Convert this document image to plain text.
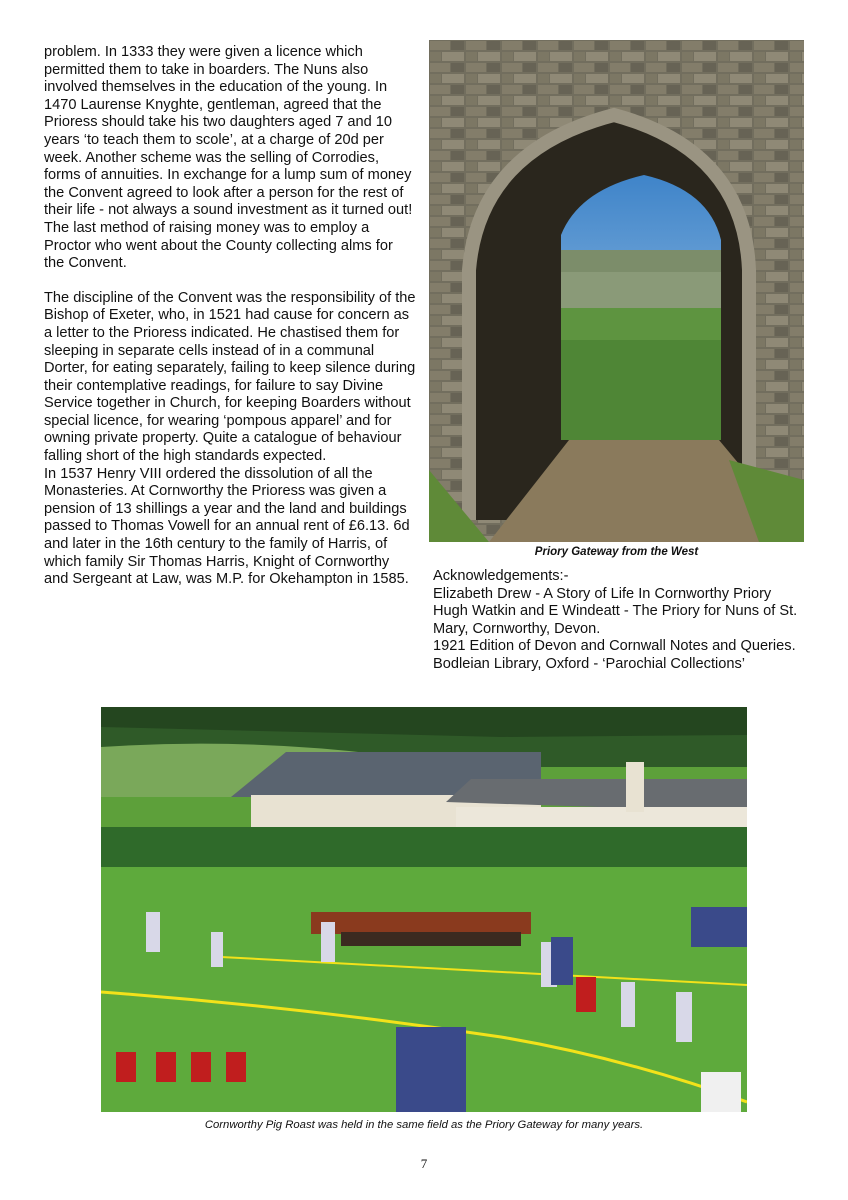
problem. In 1333 they were given a licence which permitted them to take in boarders. The Nuns also involved themselves in the education of the young. In 1470 Laurense Knyghte, gentleman, agreed that the Prioress should take his two daughters aged 7 and 10 years ‘to teach them to scole’, at a charge of 20d per week. Another scheme was the selling of Corrodies, forms of annuities. In exchange for a lump sum of money the Convent agreed to look after a person for the rest of their life - not always a sound investment as it turned out! The last method of raising money was to employ a Proctor who went about the County collecting alms for the Convent.

The discipline of the Convent was the responsibility of the Bishop of Exeter, who, in 1521 had cause for concern as a letter to the Prioress indicated. He chastised them for sleeping in separate cells instead of in a communal Dorter, for eating separately, failing to keep silence during their contemplative readings, for failure to say Divine Service together in Church, for keeping Boarders without special licence, for wearing ‘pompous apparel’ and for owning private property. Quite a catalogue of behaviour falling short of the high standards expected.

In 1537 Henry VIII ordered the dissolution of all the Monasteries. At Cornworthy the Prioress was given a pension of 13 shillings a year and the land and buildings passed to Thomas Vowell for an annual rent of £6.13. 6d and later in the 16th century to the family of Harris, of which family Sir Thomas Harris, Knight of Cornworthy and Sergeant at Law, was M.P. for Okehampton in 1585.

Priory Gateway from the West
Acknowledgements:-
Elizabeth Drew - A Story of Life In Cornworthy Priory
Hugh Watkin and E Windeatt - The Priory for Nuns of St. Mary, Cornworthy, Devon.
1921 Edition of Devon and Cornwall Notes and Queries. Bodleian Library, Oxford - ‘Parochial Collections’
Cornworthy Pig Roast was held in the same field as the Priory Gateway for many years.
7
